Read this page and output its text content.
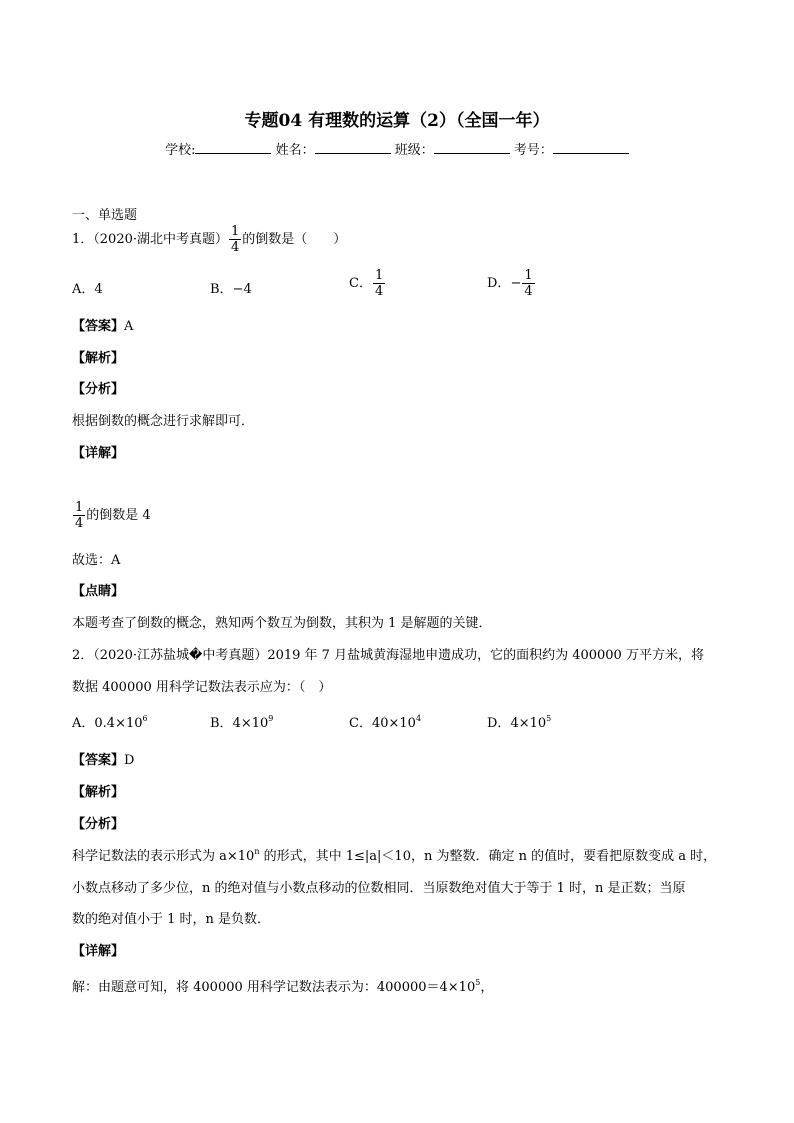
专题04 有理数的运算（2）（全国一年）
学校:	姓名：	班级：	考号：
一、单选题
1．（2020·湖北中考真题） $\frac{1}{4}$ 的倒数是（　　）
A．4	B．−4	C． $\frac{1}{4}$	D．− $\frac{1}{4}$
【答案】A
【解析】
【分析】
根据倒数的概念进行求解即可．
【详解】
$\frac{1}{4}$ 的倒数是 4
故选：A
【点睛】
本题考查了倒数的概念，熟知两个数互为倒数，其积为 1 是解题的关键．
2．（2020·江苏盐城�中考真题）2019 年 7 月盐城黄海湿地申遗成功，它的面积约为 400000 万平方米，将
数据 400000 用科学记数法表示应为：（　）
A．$0.4\times 10^6$	B．$4\times 10^9$	C．$40\times 10^4$	D．$4\times 10^5$
【答案】D
【解析】
【分析】
科学记数法的表示形式为 $a\times 10^n$ 的形式，其中 1≤|a|＜10，n 为整数．确定 n 的值时，要看把原数变成 a 时，
小数点移动了多少位，n 的绝对值与小数点移动的位数相同．当原数绝对值大于等于 1 时，n 是正数；当原
数的绝对值小于 1 时，n 是负数．
【详解】
解：由题意可知，将 400000 用科学记数法表示为：$400000=4\times 10^5$，
